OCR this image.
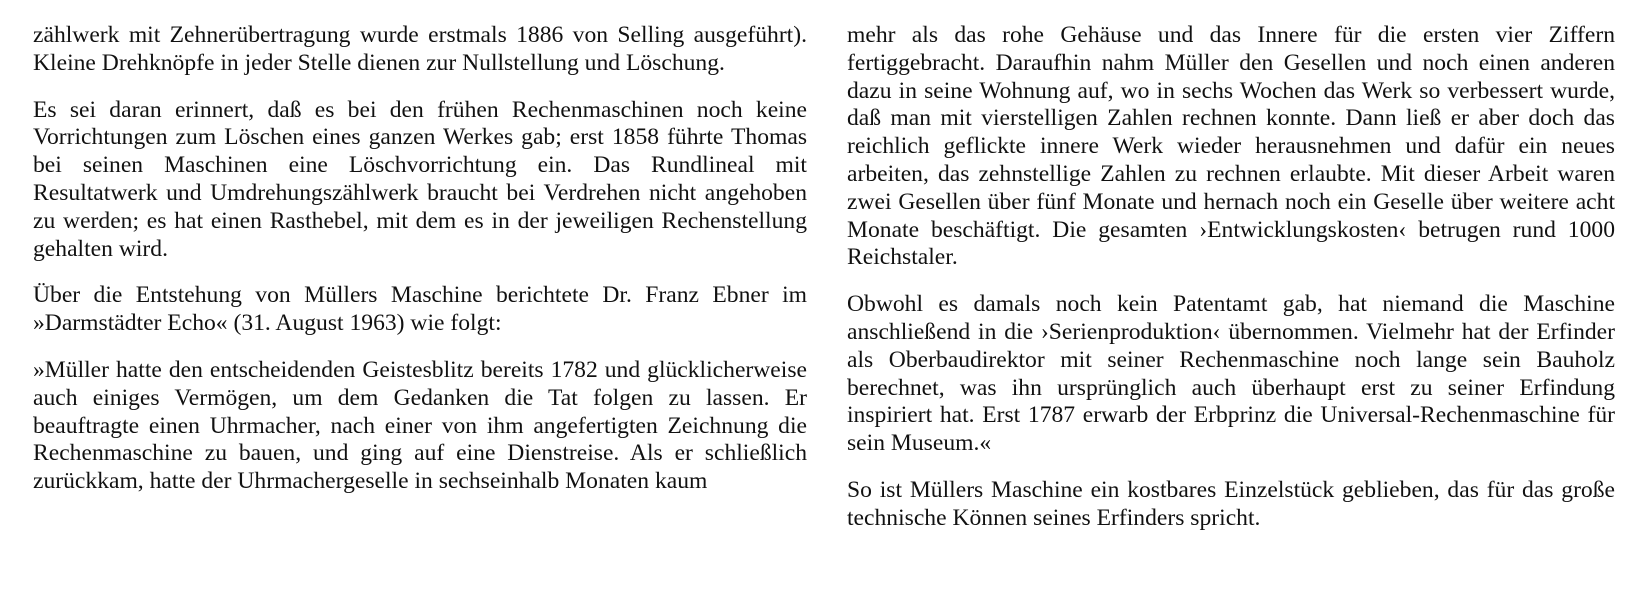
zählwerk mit Zehnerübertragung wurde erstmals 1886 von Selling ausgeführt). Kleine Drehknöpfe in jeder Stelle dienen zur Nullstellung und Löschung.

Es sei daran erinnert, daß es bei den frühen Rechenmaschinen noch keine Vorrichtungen zum Löschen eines ganzen Werkes gab; erst 1858 führte Thomas bei seinen Maschinen eine Löschvorrichtung ein. Das Rundlineal mit Resultatwerk und Umdrehungszählwerk braucht bei Verdrehen nicht angehoben zu werden; es hat einen Rasthebel, mit dem es in der jeweiligen Rechenstellung gehalten wird.

Über die Entstehung von Müllers Maschine berichtete Dr. Franz Ebner im »Darmstädter Echo« (31. August 1963) wie folgt:

»Müller hatte den entscheidenden Geistesblitz bereits 1782 und glücklicherweise auch einiges Vermögen, um dem Gedanken die Tat folgen zu lassen. Er beauftragte einen Uhrmacher, nach einer von ihm angefertigten Zeichnung die Rechenmaschine zu bauen, und ging auf eine Dienstreise. Als er schließlich zurückkam, hatte der Uhrmachergeselle in sechseinhalb Monaten kaum

mehr als das rohe Gehäuse und das Innere für die ersten vier Ziffern fertiggebracht. Daraufhin nahm Müller den Gesellen und noch einen anderen dazu in seine Wohnung auf, wo in sechs Wochen das Werk so verbessert wurde, daß man mit vierstelligen Zahlen rechnen konnte. Dann ließ er aber doch das reichlich geflickte innere Werk wieder herausnehmen und dafür ein neues arbeiten, das zehnstellige Zahlen zu rechnen erlaubte. Mit dieser Arbeit waren zwei Gesellen über fünf Monate und hernach noch ein Geselle über weitere acht Monate beschäftigt. Die gesamten ›Entwicklungskosten‹ betrugen rund 1000 Reichstaler.

Obwohl es damals noch kein Patentamt gab, hat niemand die Maschine anschließend in die ›Serienproduktion‹ übernommen. Vielmehr hat der Erfinder als Oberbaudirektor mit seiner Rechenmaschine noch lange sein Bauholz berechnet, was ihn ursprünglich auch überhaupt erst zu seiner Erfindung inspiriert hat. Erst 1787 erwarb der Erbprinz die Universal-Rechenmaschine für sein Museum.«

So ist Müllers Maschine ein kostbares Einzelstück geblieben, das für das große technische Können seines Erfinders spricht.
